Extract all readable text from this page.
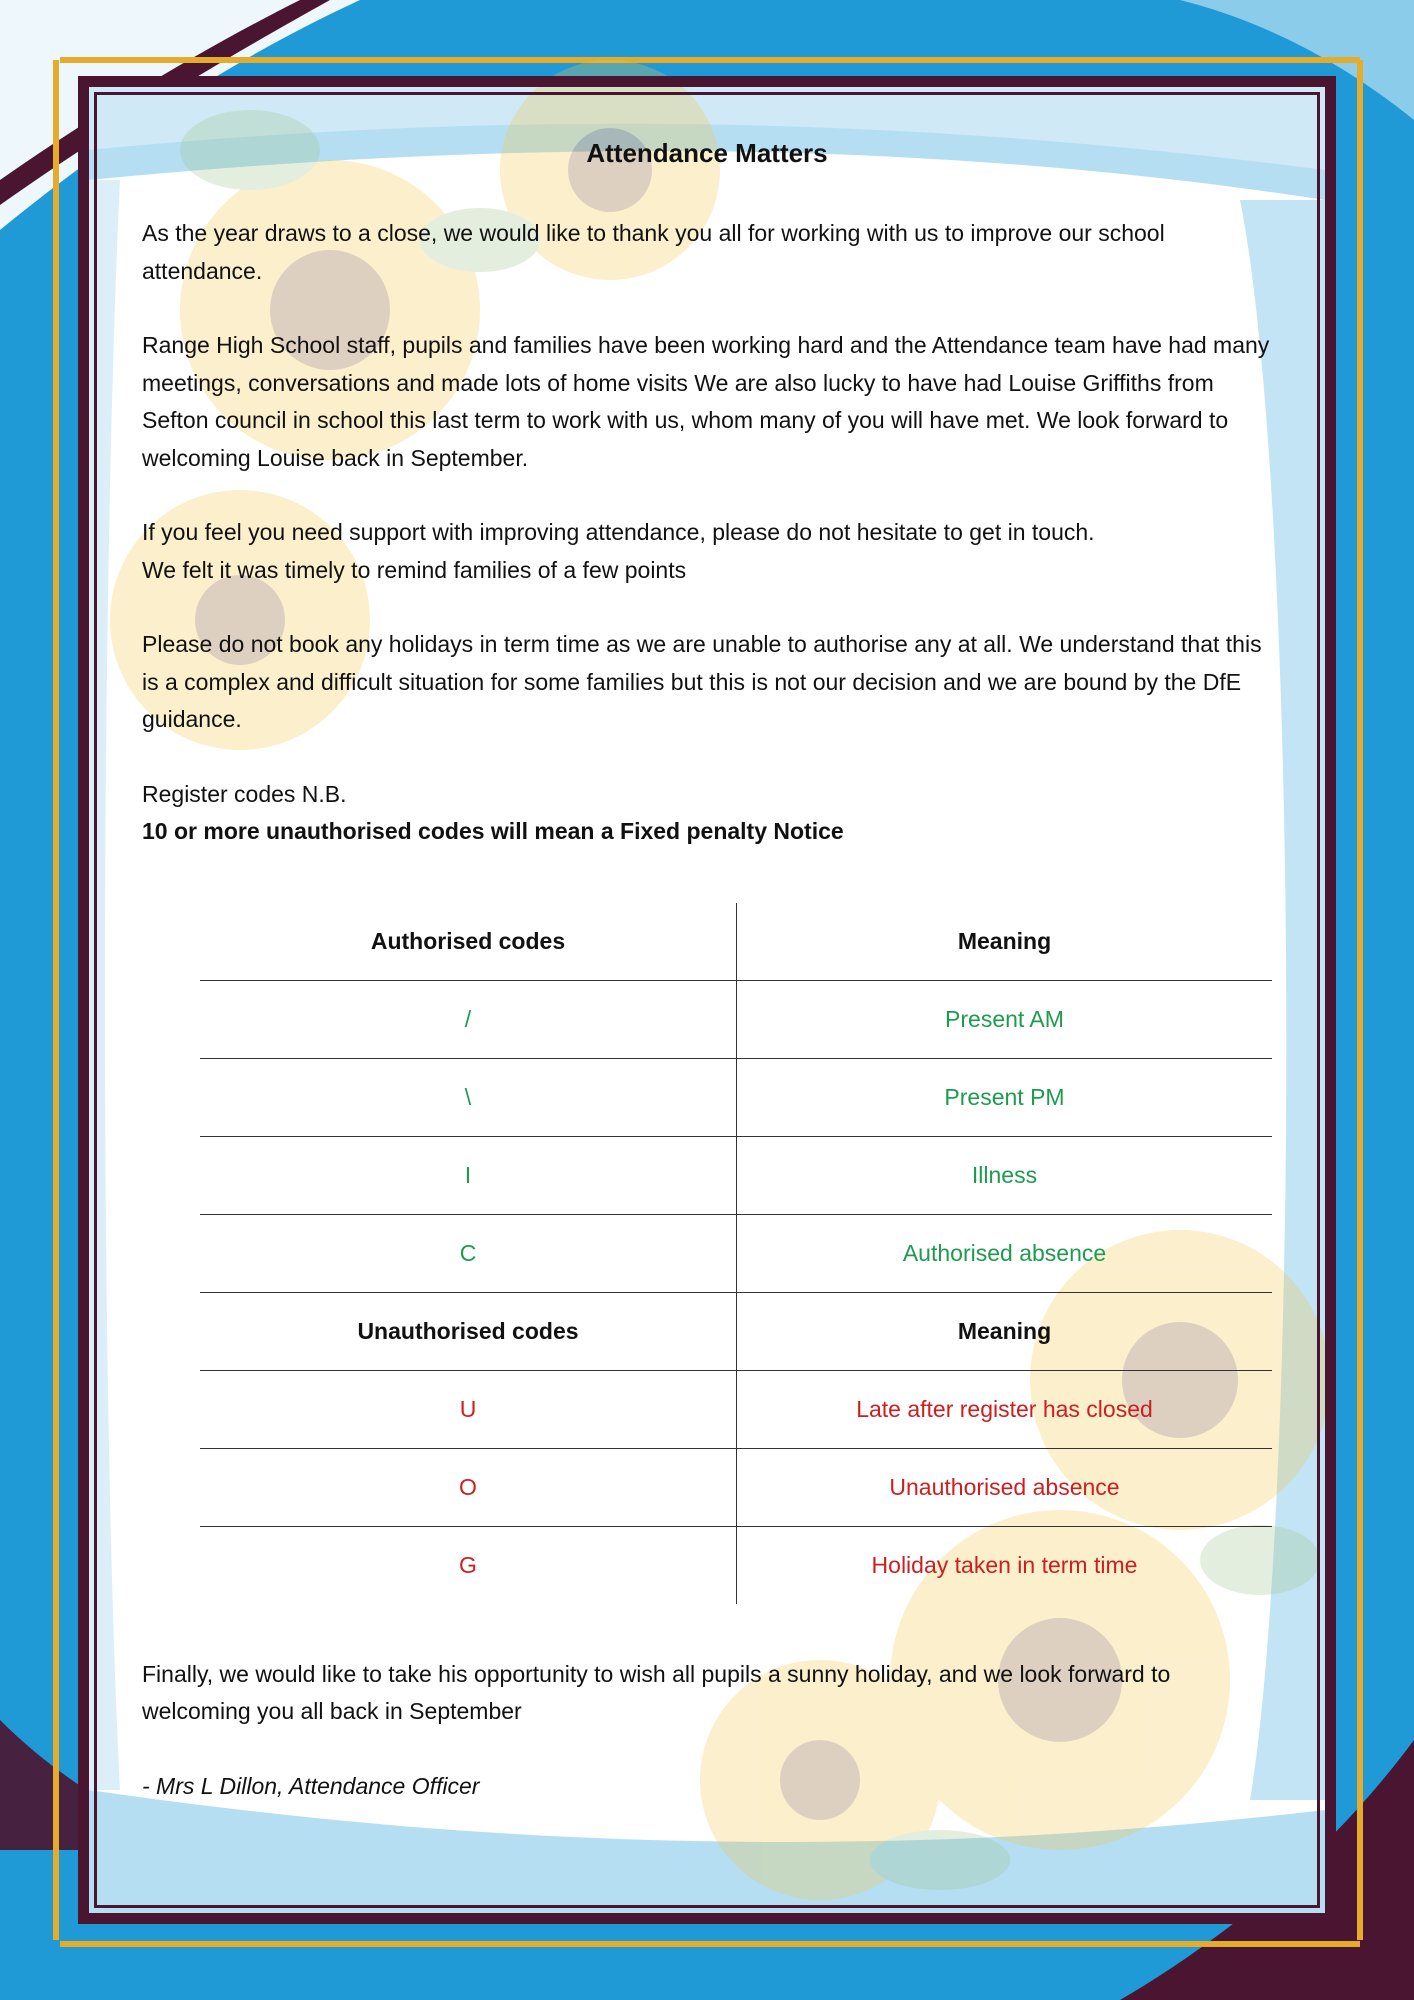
Attendance Matters

As the year draws to a close, we would like to thank you all for working with us to improve our school attendance.

Range High School staff, pupils and families have been working hard and the Attendance team have had many meetings, conversations and made lots of home visits We are also lucky to have had Louise Griffiths from Sefton council in school this last term to work with us, whom many of you will have met. We look forward to welcoming Louise back in September.

If you feel you need support with improving attendance, please do not hesitate to get in touch.

We felt it was timely to remind families of a few points

Please do not book any holidays in term time as we are unable to authorise any at all. We understand that this is a complex and difficult situation for some families but this is not our decision and we are bound by the DfE guidance.

Register codes N.B.

10 or more unauthorised codes will mean a Fixed penalty Notice

Authorised codes	Meaning
/	Present AM
\	Present PM
I	Illness
C	Authorised absence
Unauthorised codes	Meaning
U	Late after register has closed
O	Unauthorised absence
G	Holiday taken in term time

Finally, we would like to take his opportunity to wish all pupils a sunny holiday, and we look forward to welcoming you all back in September

- Mrs L Dillon, Attendance Officer
